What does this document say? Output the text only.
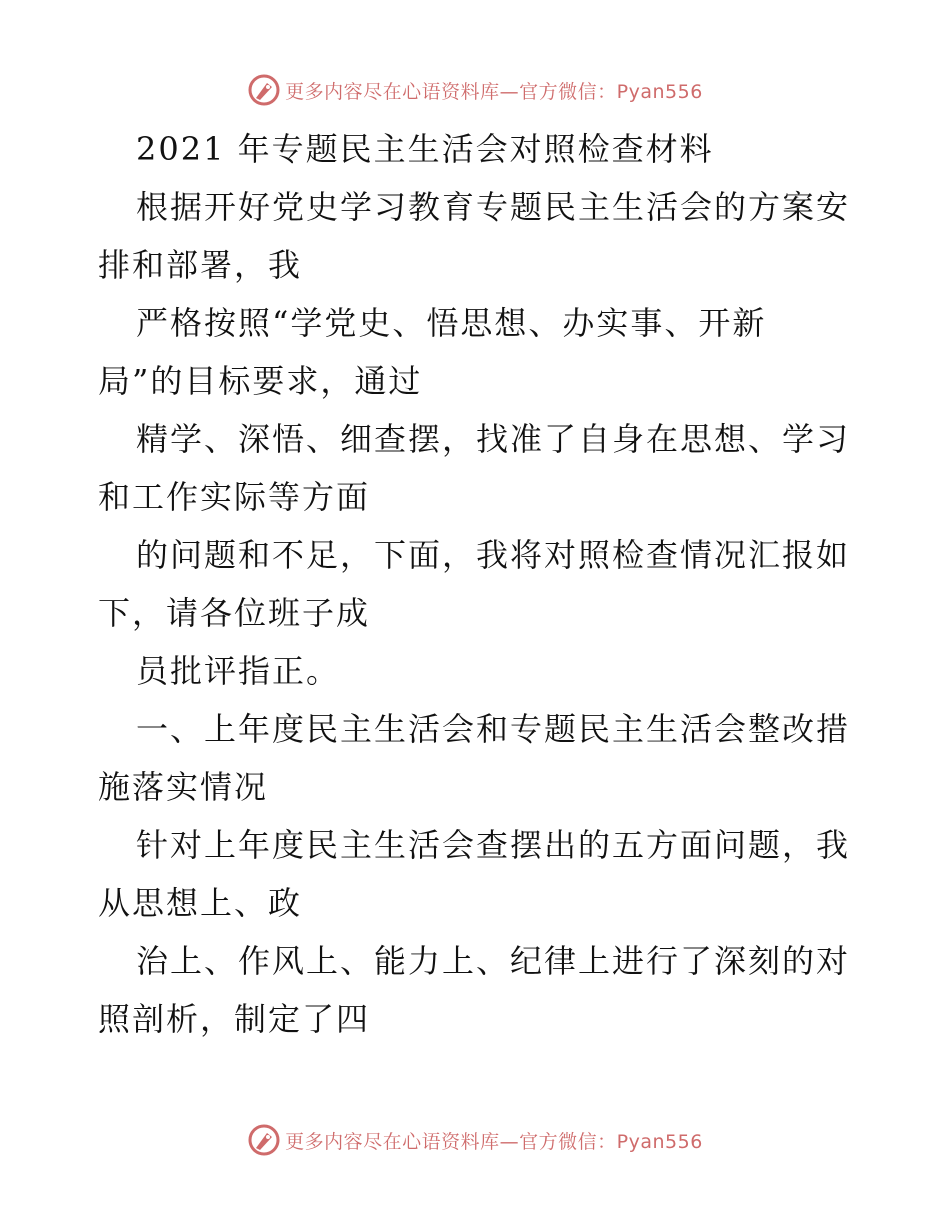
更多内容尽在心语资料库—官方微信：Pyan556

2021 年专题民主生活会对照检查材料

根据开好党史学习教育专题民主生活会的方案安
排和部署，我

严格按照“学党史、悟思想、办实事、开新
局”的目标要求，通过

精学、深悟、细查摆，找准了自身在思想、学习
和工作实际等方面

的问题和不足，下面，我将对照检查情况汇报如
下，请各位班子成

员批评指正。

一、上年度民主生活会和专题民主生活会整改措
施落实情况

针对上年度民主生活会查摆出的五方面问题，我
从思想上、政

治上、作风上、能力上、纪律上进行了深刻的对
照剖析，制定了四

更多内容尽在心语资料库—官方微信：Pyan556
